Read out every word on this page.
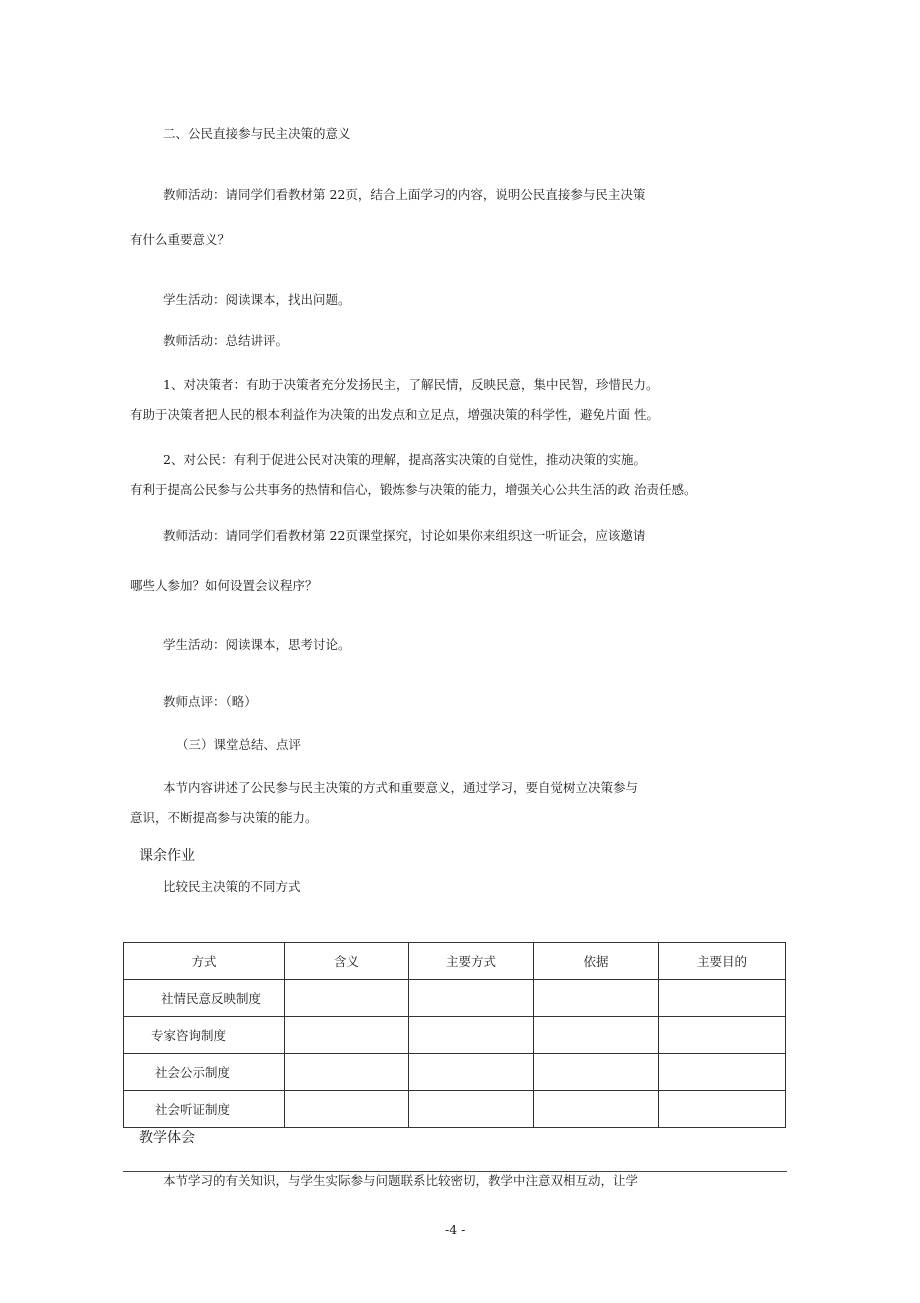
二、公民直接参与民主决策的意义
教师活动：请同学们看教材第 22页，结合上面学习的内容，说明公民直接参与民主决策
有什么重要意义？
学生活动：阅读课本，找出问题。
教师活动：总结讲评。
1、对决策者：有助于决策者充分发扬民主，了解民情，反映民意，集中民智，珍惜民力。
有助于决策者把人民的根本利益作为决策的出发点和立足点，增强决策的科学性，避免片面 性。
2、对公民：有利于促进公民对决策的理解，提高落实决策的自觉性，推动决策的实施。
有利于提高公民参与公共事务的热情和信心，锻炼参与决策的能力，增强关心公共生活的政 治责任感。
教师活动：请同学们看教材第 22页课堂探究，讨论如果你来组织这一听证会，应该邀请
哪些人参加？如何设置会议程序？
学生活动：阅读课本，思考讨论。
教师点评：（略）
（三）课堂总结、点评
本节内容讲述了公民参与民主决策的方式和重要意义，通过学习，要自觉树立决策参与
意识，不断提高参与决策的能力。
课余作业
比较民主决策的不同方式
方式	含义	主要方式	依据	主要目的
社情民意反映制度				
专家咨询制度				
社会公示制度				
社会听证制度				
教学体会
本节学习的有关知识，与学生实际参与问题联系比较密切，教学中注意双相互动，让学
-4 -
